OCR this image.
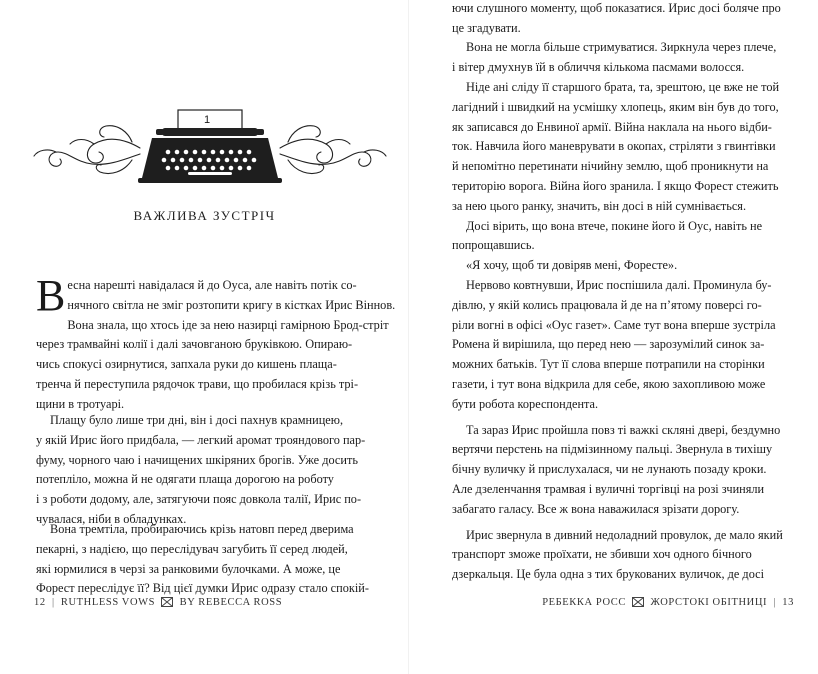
1
ВАЖЛИВА ЗУСТРІЧ
В есна нарешті навідалася й до Оуса, але навіть потік со-
нячного світла не зміг розтопити кригу в кістках Ирис Віннов.
Вона знала, що хтось іде за нею назирці гамірною Брод-стріт
через трамвайні колії і далі зачовганою бруківкою. Опираю-
чись спокусі озирнутися, запхала руки до кишень плаща-
тренча й переступила рядочок трави, що пробилася крізь трі-
щини в тротуарі.
Плащу було лише три дні, він і досі пахнув крамницею,
у якій Ирис його придбала, — легкий аромат трояндового пар-
фуму, чорного чаю і начищених шкіряних брогів. Уже досить
потепліло, можна й не одягати плаща дорогою на роботу
і з роботи додому, але, затягуючи пояс довкола талії, Ирис по-
чувалася, ніби в обладунках.
Вона тремтіла, пробираючись крізь натовп перед дверима
пекарні, з надією, що переслідувач загубить її серед людей,
які юрмилися в черзі за ранковими булочками. А може, це
Форест переслідує її? Від цієї думки Ирис одразу стало спокій-
12 | RUTHLESS VOWS BY REBECCA ROSS
ючи слушного моменту, щоб показатися. Ирис досі боляче про
це згадувати.
Вона не могла більше стримуватися. Зиркнула через плече,
і вітер дмухнув їй в обличчя кількома пасмами волосся.
Ніде ані сліду її старшого брата, та, зрештою, це вже не той
лагідний і швидкий на усмішку хлопець, яким він був до того,
як записався до Енвиної армії. Війна наклала на нього відби-
ток. Навчила його маневрувати в окопах, стріляти з гвинтівки
й непомітно перетинати нічийну землю, щоб проникнути на
територію ворога. Війна його зранила. І якщо Форест стежить
за нею цього ранку, значить, він досі в ній сумнівається.
Досі вірить, що вона втече, покине його й Оус, навіть не
попрощавшись.
«Я хочу, щоб ти довіряв мені, Форесте».
Нервово ковтнувши, Ирис поспішила далі. Проминула бу-
дівлю, у якій колись працювала й де на п’ятому поверсі го-
ріли вогні в офісі «Оус газет». Саме тут вона вперше зустріла
Ромена й вирішила, що перед нею — зарозумілий синок за-
можних батьків. Тут її слова вперше потрапили на сторінки
газети, і тут вона відкрила для себе, якою захопливою може
бути робота кореспондента.
Та зараз Ирис пройшла повз ті важкі скляні двері, бездумно
вертячи перстень на підмізинному пальці. Звернула в тихішу
бічну вуличку й прислухалася, чи не лунають позаду кроки.
Але дзеленчання трамвая і вуличні торгівці на розі зчиняли
забагато галасу. Все ж вона наважилася зрізати дорогу.
РЕБЕККА РОСС ЖОРСТОКІ ОБІТНИЦІ | 13
Ирис звернула в дивний недоладний провулок, де мало який
транспорт зможе проїхати, не збивши хоч одного бічного
дзеркальця. Це була одна з тих брукованих вуличок, де досі
